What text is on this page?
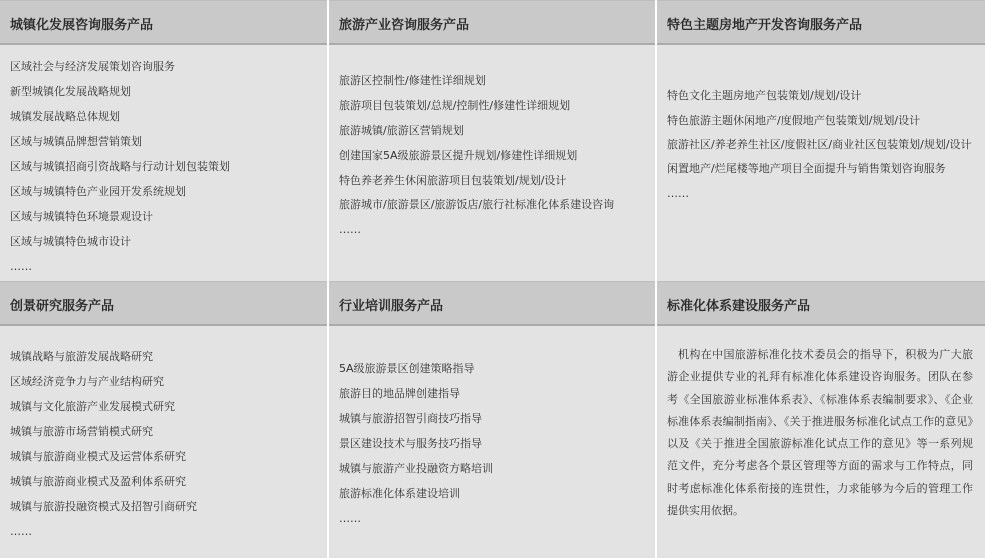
城镇化发展咨询服务产品	旅游产业咨询服务产品	特色主题房地产开发咨询服务产品
区域社会与经济发展策划咨询服务
新型城镇化发展战略规划
城镇发展战略总体规划
区域与城镇品牌想营销策划
区域与城镇招商引资战略与行动计划包装策划
区域与城镇特色产业园开发系统规划
区域与城镇特色环境景观设计
区域与城镇特色城市设计
……
旅游区控制性/修建性详细规划
旅游项目包装策划/总规/控制性/修建性详细规划
旅游城镇/旅游区营销规划
创建国家5A级旅游景区提升规划/修建性详细规划
特色养老养生休闲旅游项目包装策划/规划/设计
旅游城市/旅游景区/旅游饭店/旅行社标准化体系建设咨询
……
特色文化主题房地产包装策划/规划/设计
特色旅游主题休闲地产/度假地产包装策划/规划/设计
旅游社区/养老养生社区/度假社区/商业社区包装策划/规划/设计
闲置地产/烂尾楼等地产项目全面提升与销售策划咨询服务
……
创景研究服务产品	行业培训服务产品	标准化体系建设服务产品
城镇战略与旅游发展战略研究
区域经济竞争力与产业结构研究
城镇与文化旅游产业发展模式研究
城镇与旅游市场营销模式研究
城镇与旅游商业模式及运营体系研究
城镇与旅游商业模式及盈利体系研究
城镇与旅游投融资模式及招智引商研究
……
5A级旅游景区创建策略指导
旅游目的地品牌创建指导
城镇与旅游招智引商技巧指导
景区建设技术与服务技巧指导
城镇与旅游产业投融资方略培训
旅游标准化体系建设培训
……

机构在中国旅游标准化技术委员会的指导下，积极为广大旅游企业提供专业的礼拜有标准化体系建设咨询服务。团队在参考《全国旅游业标准体系表》、《标准体系表编制要求》、《企业标准体系表编制指南》、《关于推进服务标准化试点工作的意见》以及《关于推进全国旅游标准化试点工作的意见》等一系列规范文件，充分考虑各个景区管理等方面的需求与工作特点，同时考虑标准化体系衔接的连贯性，力求能够为今后的管理工作提供实用依据。
